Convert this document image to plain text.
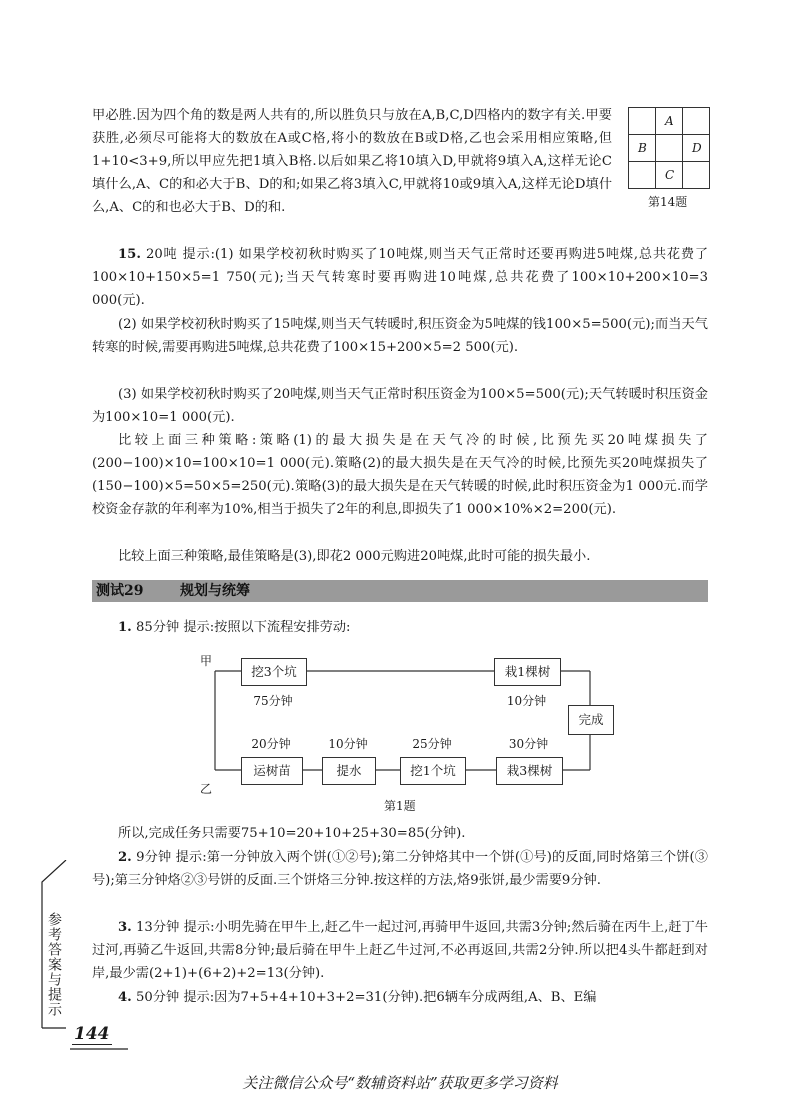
甲必胜.因为四个角的数是两人共有的,所以胜负只与放在A,B,C,D四格内的数字有关.甲要获胜,必须尽可能将大的数放在A或C格,将小的数放在B或D格,乙也会采用相应策略,但1+10<3+9,所以甲应先把1填入B格.以后如果乙将10填入D,甲就将9填入A,这样无论C填什么,A、C的和必大于B、D的和;如果乙将3填入C,甲就将10或9填入A,这样无论D填什么,A、C的和也必大于B、D的和.

A
B	D
C
第14题

15. 20吨 提示:(1) 如果学校初秋时购买了10吨煤,则当天气正常时还要再购进5吨煤,总共花费了100×10+150×5=1 750(元);当天气转寒时要再购进10吨煤,总共花费了100×10+200×10=3 000(元).

(2) 如果学校初秋时购买了15吨煤,则当天气转暖时,积压资金为5吨煤的钱100×5=500(元);而当天气转寒的时候,需要再购进5吨煤,总共花费了100×15+200×5=2 500(元).

(3) 如果学校初秋时购买了20吨煤,则当天气正常时积压资金为100×5=500(元);天气转暖时积压资金为100×10=1 000(元).

比较上面三种策略:策略(1)的最大损失是在天气冷的时候,比预先买20吨煤损失了(200−100)×10=100×10=1 000(元).策略(2)的最大损失是在天气冷的时候,比预先买20吨煤损失了(150−100)×5=50×5=250(元).策略(3)的最大损失是在天气转暖的时候,此时积压资金为1 000元.而学校资金存款的年利率为10%,相当于损失了2年的利息,即损失了1 000×10%×2=200(元).

比较上面三种策略,最佳策略是(3),即花2 000元购进20吨煤,此时可能的损失最小.

测试29	规划与统筹

1. 85分钟 提示:按照以下流程安排劳动:

甲
乙
挖3个坑
75分钟
栽1棵树
10分钟
完成
20分钟
运树苗
10分钟
提水
25分钟
挖1个坑
30分钟
栽3棵树
第1题

所以,完成任务只需要75+10=20+10+25+30=85(分钟).

2. 9分钟 提示:第一分钟放入两个饼(①②号);第二分钟烙其中一个饼(①号)的反面,同时烙第三个饼(③号);第三分钟烙②③号饼的反面.三个饼烙三分钟.按这样的方法,烙9张饼,最少需要9分钟.

3. 13分钟 提示:小明先骑在甲牛上,赶乙牛一起过河,再骑甲牛返回,共需3分钟;然后骑在丙牛上,赶丁牛过河,再骑乙牛返回,共需8分钟;最后骑在甲牛上赶乙牛过河,不必再返回,共需2分钟.所以把4头牛都赶到对岸,最少需(2+1)+(6+2)+2=13(分钟).

4. 50分钟 提示:因为7+5+4+10+3+2=31(分钟).把6辆车分成两组,A、B、E编

参考答案与提示
144
关注微信公众号“数辅资料站”获取更多学习资料
